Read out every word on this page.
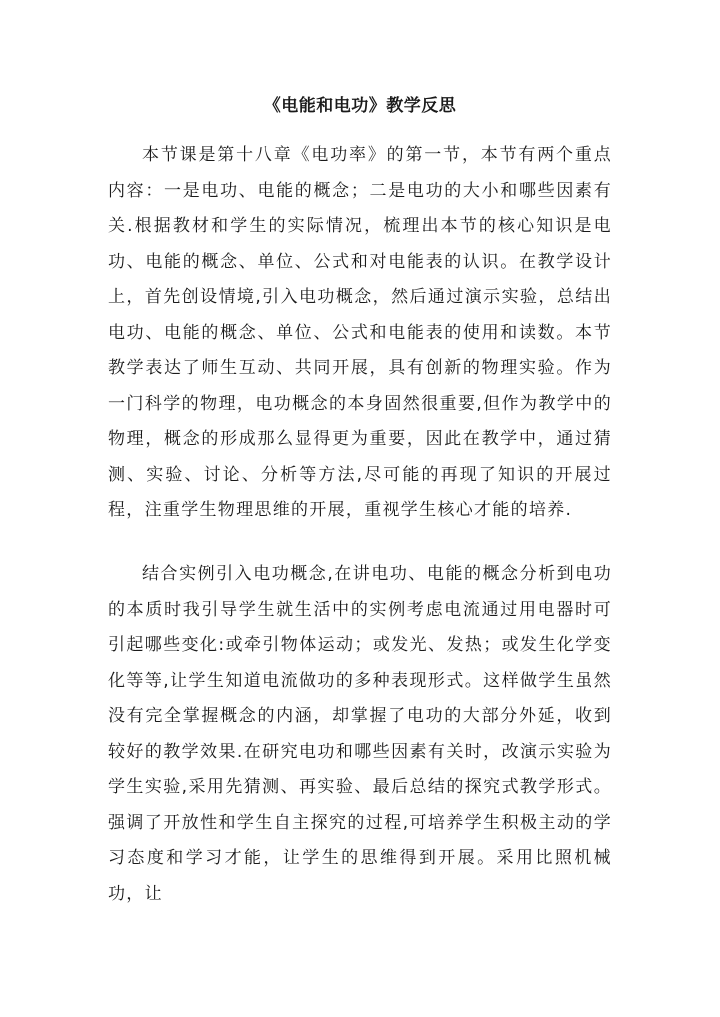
《电能和电功》教学反思

本节课是第十八章《电功率》的第一节，本节有两个重点内容：一是电功、电能的概念；二是电功的大小和哪些因素有关.根据教材和学生的实际情况，梳理出本节的核心知识是电功、电能的概念、单位、公式和对电能表的认识。在教学设计上，首先创设情境,引入电功概念，然后通过演示实验，总结出电功、电能的概念、单位、公式和电能表的使用和读数。本节教学表达了师生互动、共同开展，具有创新的物理实验。作为一门科学的物理，电功概念的本身固然很重要,但作为教学中的物理，概念的形成那么显得更为重要，因此在教学中，通过猜测、实验、讨论、分析等方法,尽可能的再现了知识的开展过程，注重学生物理思维的开展，重视学生核心才能的培养.

结合实例引入电功概念,在讲电功、电能的概念分析到电功的本质时我引导学生就生活中的实例考虑电流通过用电器时可引起哪些变化:或牵引物体运动；或发光、发热；或发生化学变化等等,让学生知道电流做功的多种表现形式。这样做学生虽然没有完全掌握概念的内涵，却掌握了电功的大部分外延，收到较好的教学效果.在研究电功和哪些因素有关时，改演示实验为学生实验,采用先猜测、再实验、最后总结的探究式教学形式。强调了开放性和学生自主探究的过程,可培养学生积极主动的学习态度和学习才能，让学生的思维得到开展。采用比照机械功，让
